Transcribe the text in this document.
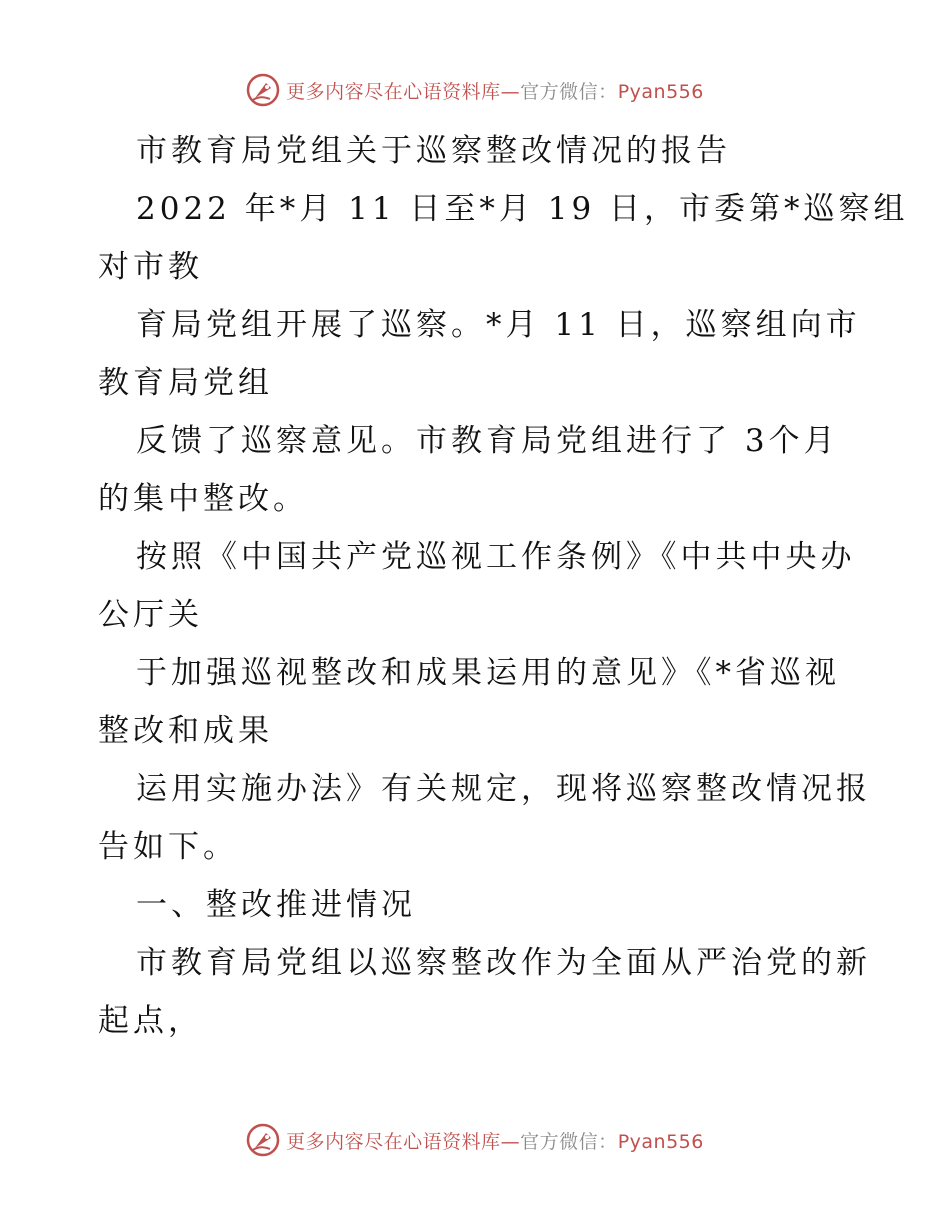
更多内容尽在心语资料库—官方微信：Pyan556

市教育局党组关于巡察整改情况的报告

2022 年*月 11 日至*月 19 日，市委第*巡察组
对市教

育局党组开展了巡察。*月 11 日，巡察组向市
教育局党组

反馈了巡察意见。市教育局党组进行了 3个月
的集中整改。

按照《中国共产党巡视工作条例》《中共中央办
公厅关

于加强巡视整改和成果运用的意见》《*省巡视
整改和成果

运用实施办法》有关规定，现将巡察整改情况报
告如下。

一、整改推进情况

市教育局党组以巡察整改作为全面从严治党的新
起点，

更多内容尽在心语资料库—官方微信：Pyan556
